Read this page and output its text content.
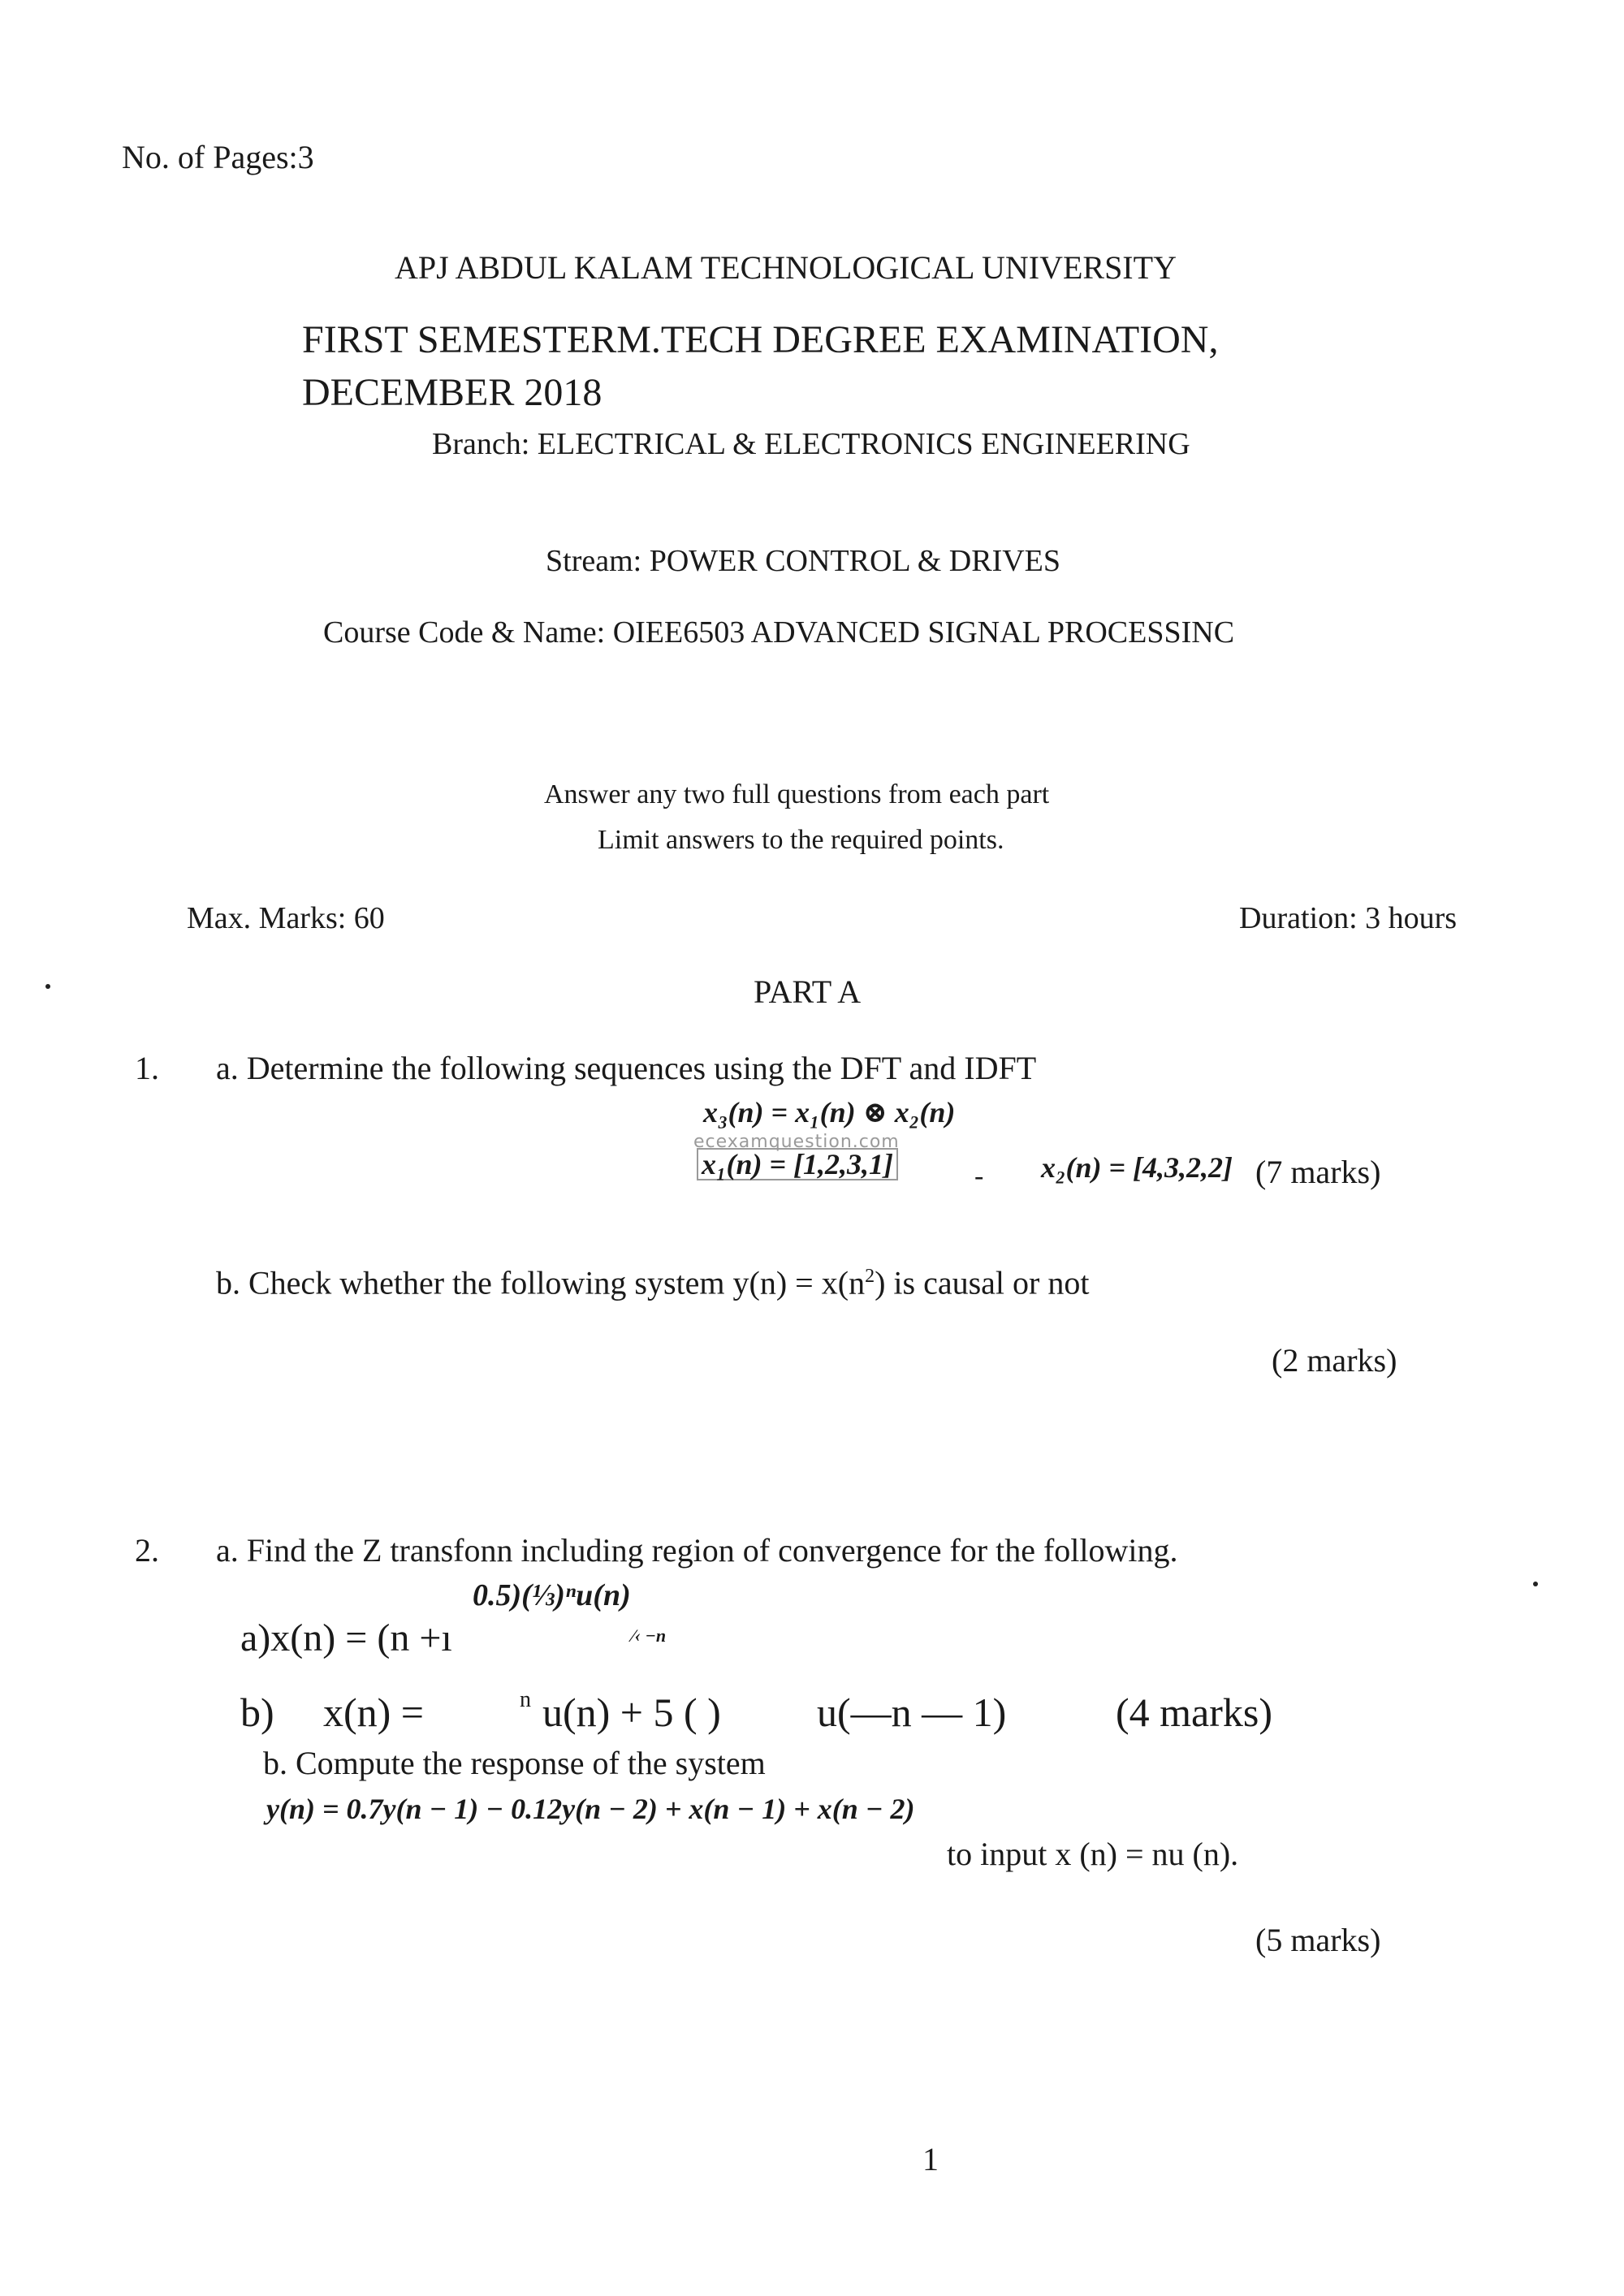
No. of Pages:3
APJ ABDUL KALAM TECHNOLOGICAL UNIVERSITY
FIRST SEMESTERM.TECH DEGREE EXAMINATION,
DECEMBER 2018
Branch: ELECTRICAL & ELECTRONICS ENGINEERING
Stream: POWER CONTROL & DRIVES
Course Code & Name: OIEE6503 ADVANCED SIGNAL PROCESSINC
Answer any two full questions from each part
Limit answers to the required points.
Max. Marks: 60	Duration: 3 hours
PART A
1. a. Determine the following sequences using the DFT and IDFT
x₃(n) = x₁(n) ⊗ x₂(n)
ecexamquestion.com
x₁(n) = [1,2,3,1]	- x₂(n) = [4,3,2,2] (7 marks)
b. Check whether the following system $y(n) = x(n^2)$ is causal or not
(2 marks)
2. a. Find the Z transfonn including region of convergence for the following.
0.5)(⅓)ⁿu(n)
a)x(n) = (n +ı	⁄‹ −n
b) x(n) =	n u(n) + 5 ( ) u(—n — 1)	(4 marks)
b. Compute the response of the system
y(n) = 0.7y(n − 1) − 0.12y(n − 2) + x(n − 1) + x(n − 2)
to input x (n) = nu (n).
(5 marks)
1
